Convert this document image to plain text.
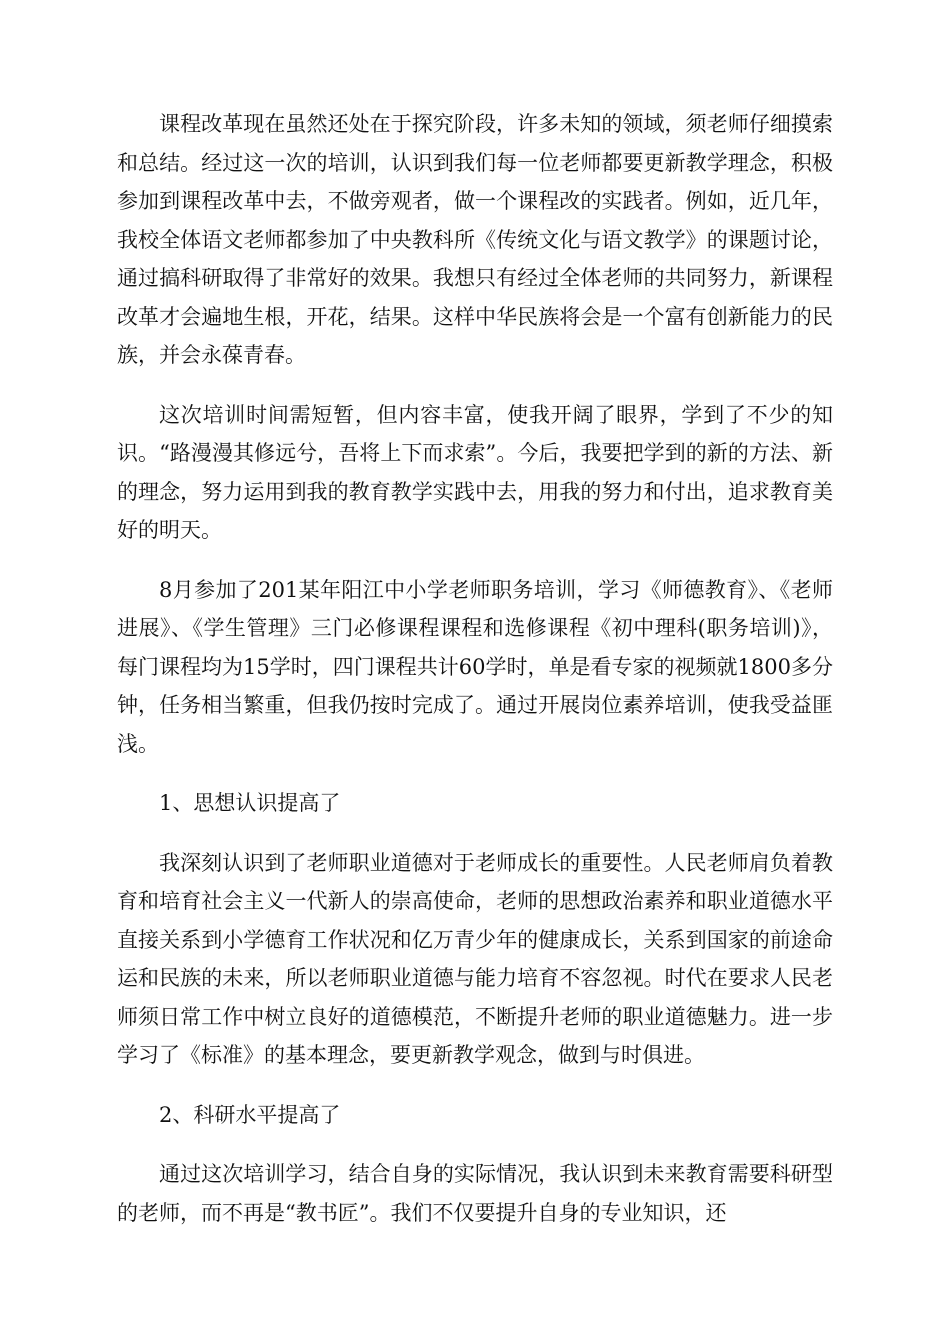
课程改革现在虽然还处在于探究阶段，许多未知的领域，须老师仔细摸索和总结。经过这一次的培训，认识到我们每一位老师都要更新教学理念，积极参加到课程改革中去，不做旁观者，做一个课程改的实践者。例如，近几年，我校全体语文老师都参加了中央教科所《传统文化与语文教学》的课题讨论，通过搞科研取得了非常好的效果。我想只有经过全体老师的共同努力，新课程改革才会遍地生根，开花，结果。这样中华民族将会是一个富有创新能力的民族，并会永葆青春。

这次培训时间需短暂，但内容丰富，使我开阔了眼界，学到了不少的知识。“路漫漫其修远兮，吾将上下而求索”。今后，我要把学到的新的方法、新的理念，努力运用到我的教育教学实践中去，用我的努力和付出，追求教育美好的明天。

8月参加了201某年阳江中小学老师职务培训，学习《师德教育》、《老师进展》、《学生管理》三门必修课程课程和选修课程《初中理科(职务培训)》，每门课程均为15学时，四门课程共计60学时，单是看专家的视频就1800多分钟，任务相当繁重，但我仍按时完成了。通过开展岗位素养培训，使我受益匪浅。

1、思想认识提高了

我深刻认识到了老师职业道德对于老师成长的重要性。人民老师肩负着教育和培育社会主义一代新人的崇高使命，老师的思想政治素养和职业道德水平直接关系到小学德育工作状况和亿万青少年的健康成长，关系到国家的前途命运和民族的未来，所以老师职业道德与能力培育不容忽视。时代在要求人民老师须日常工作中树立良好的道德模范，不断提升老师的职业道德魅力。进一步学习了《标准》的基本理念，要更新教学观念，做到与时俱进。

2、科研水平提高了

通过这次培训学习，结合自身的实际情况，我认识到未来教育需要科研型的老师，而不再是“教书匠”。我们不仅要提升自身的专业知识，还
